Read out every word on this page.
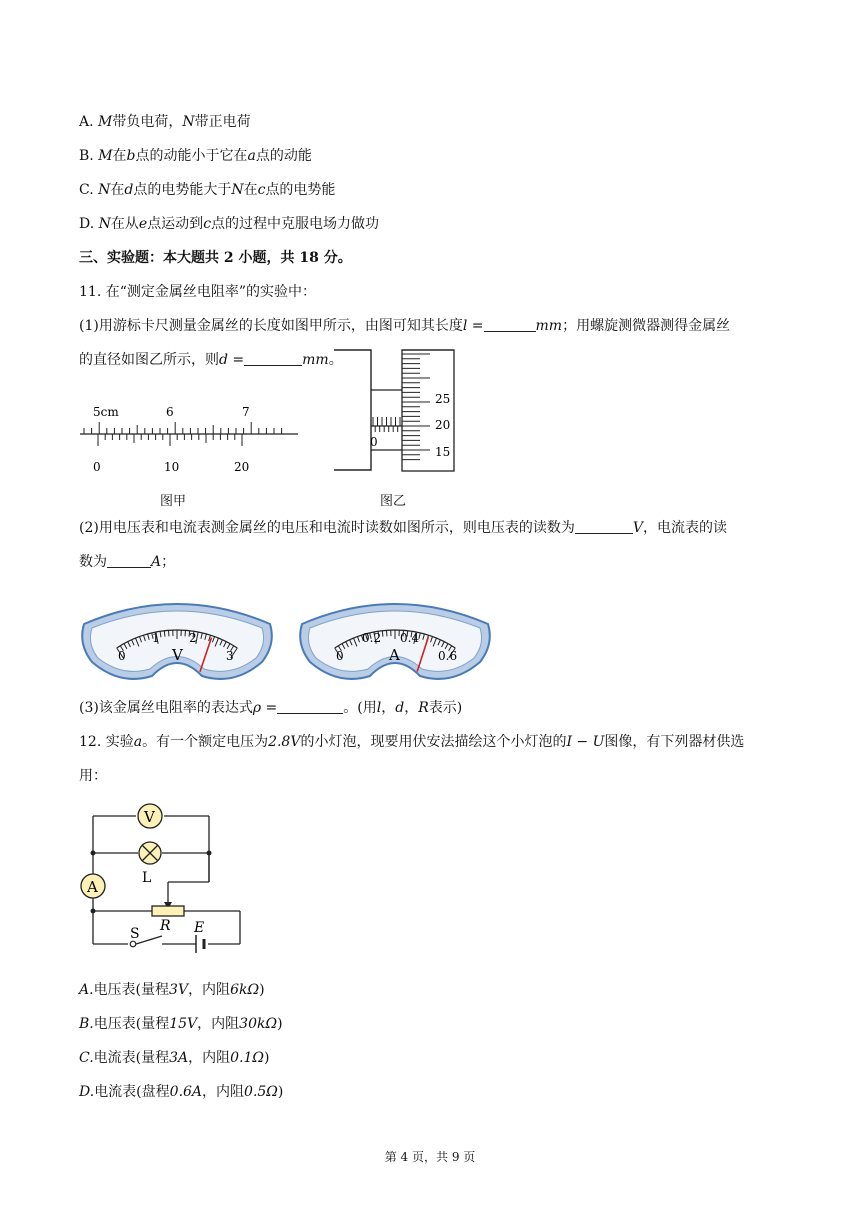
A. M带负电荷，N带正电荷
B. M在b点的动能小于它在a点的动能
C. N在d点的电势能大于N在c点的电势能
D. N在从e点运动到c点的过程中克服电场力做功
三、实验题：本大题共 2 小题，共 18 分。
11. 在“测定金属丝电阻率”的实验中：
(1)用游标卡尺测量金属丝的长度如图甲所示，由图可知其长度l =	mm；用螺旋测微器测得金属丝
的直径如图乙所示，则d =	mm。
5cm	6	7
0	10	20
图甲
0
25
20
15
图乙
(2)用电压表和电流表测金属丝的电压和电流时读数如图所示，则电压表的读数为	V，电流表的读
数为	A；
0
1 2
3
V	0
0.2 0.4
0.6
A
(3)该金属丝电阻率的表达式ρ =	。(用l，d，R表示)
12. 实验a。有一个额定电压为2.8V的小灯泡，现要用伏安法描绘这个小灯泡的I − U图像，有下列器材供选
用：
V
L
A
R
S	E
A.电压表(量程3V，内阻6kΩ)
B.电压表(量程15V，内阻30kΩ)
C.电流表(量程3A，内阻0.1Ω)
D.电流表(盘程0.6A，内阻0.5Ω)
第 4 页，共 9 页
